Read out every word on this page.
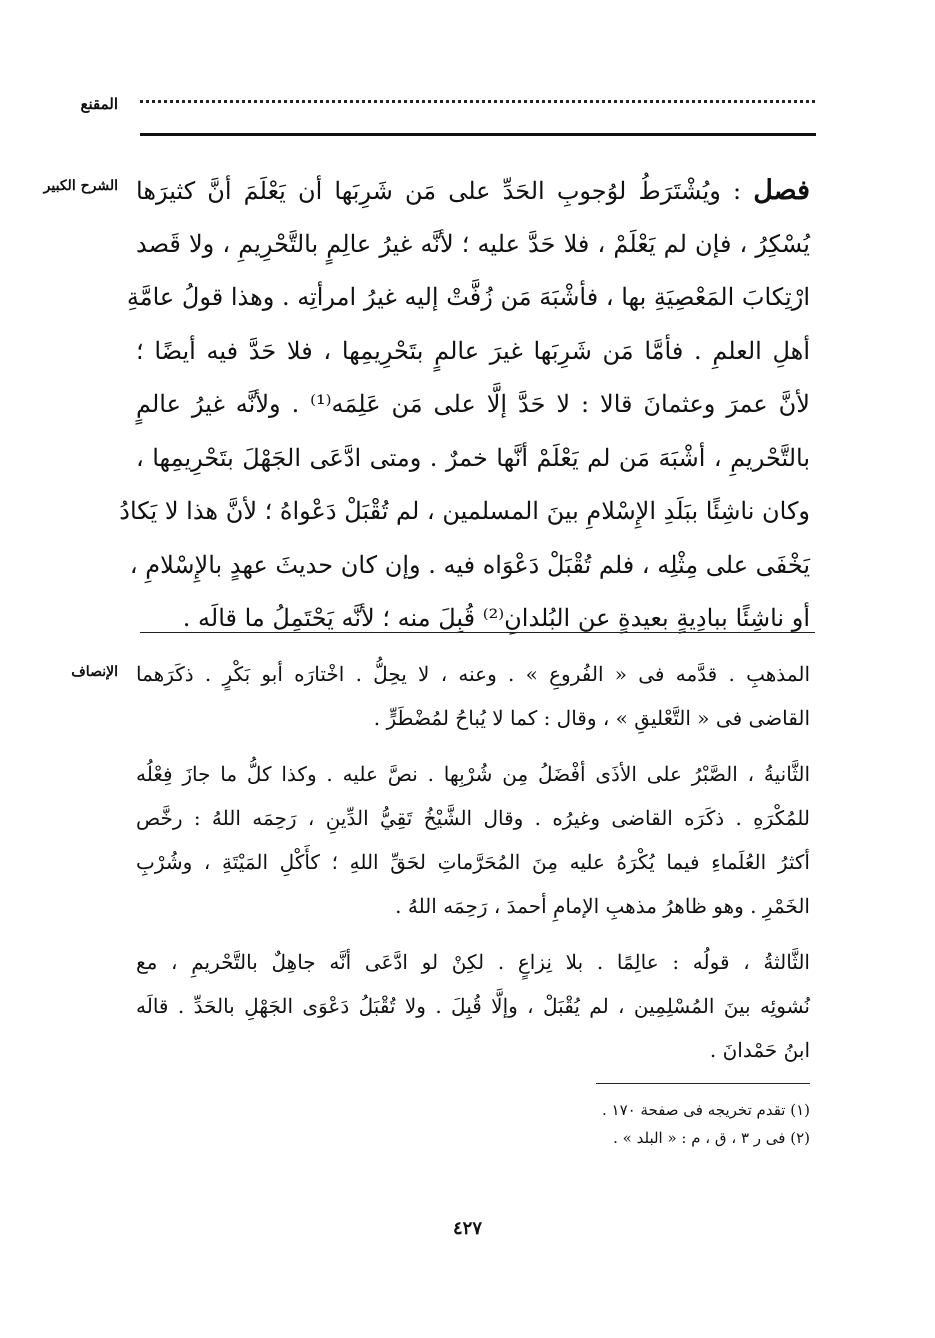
المقنع
الشرح الكبير	فصل : ويُشْتَرَطُ لوُجوبِ الحَدِّ على مَن شَرِبَها أن يَعْلَمَ أنَّ كثيرَها
يُسْكِرُ ، فإن لم يَعْلَمْ ، فلا حَدَّ عليه ؛ لأنَّه غيرُ عالِمٍ بالتَّحْرِيمِ ، ولا قَصد
ارْتِكابَ المَعْصِيَةِ بها ، فأشْبَهَ مَن زُفَّتْ إليه غيرُ امرأتِه . وهذا قولُ عامَّةِ
أهلِ العلمِ . فأمَّا مَن شَرِبَها غيرَ عالمٍ بتَحْرِيمِها ، فلا حَدَّ فيه أيضًا ؛
لأنَّ عمرَ وعثمانَ قالا : لا حَدَّ إلَّا على مَن عَلِمَه⁽¹⁾ . ولأنَّه غيرُ عالمٍ
بالتَّحْريمِ ، أشْبَهَ مَن لم يَعْلَمْ أنَّها خمرٌ . ومتى ادَّعَى الجَهْلَ بتَحْرِيمِها ،
وكان ناشِئًا ببَلَدِ الإِسْلامِ بينَ المسلمين ، لم تُقْبَلْ دَعْواهُ ؛ لأنَّ هذا لا يَكادُ
يَخْفَى على مِثْلِه ، فلم تُقْبَلْ دَعْوَاه فيه . وإن كان حديثَ عهدٍ بالإِسْلامِ ،
أو ناشِئًا ببادِيةٍ بعيدةٍ عن البُلدانِ⁽²⁾ قُبِلَ منه ؛ لأنَّه يَحْتَمِلُ ما قالَه .
الإنصاف المذهبِ . قدَّمه فى « الفُروعِ » . وعنه ، لا يحِلُّ . اخْتارَه أبو بَكْرٍ . ذكَرَهما
القاضى فى « التَّعْليقِ » ، وقال : كما لا يُباحُ لمُضْطَرٍّ .
الثَّانيةُ ، الصَّبْرُ على الأذَى أفْضَلُ مِن شُرْبِها . نصَّ عليه . وكذا كلُّ ما جازَ فِعْلُه
للمُكْرَهِ . ذكَرَه القاضى وغيرُه . وقال الشَّيْخُ تَقِيُّ الدِّينِ ، رَحِمَه اللهُ : رخَّص
أكثرُ العُلَماءِ فيما يُكْرَهُ عليه مِنَ المُحَرَّماتِ لحَقِّ اللهِ ؛ كأَكْلِ المَيْتَةِ ، وشُرْبِ
الخَمْرِ . وهو ظاهرُ مذهبِ الإمامِ أحمدَ ، رَحِمَه اللهُ .
الثَّالثةُ ، قولُه : عالِمًا . بلا نِزاعٍ . لكِنْ لو ادَّعَى أنَّه جاهِلٌ بالتَّحْريمِ ، مع
نُشوئِه بينَ المُسْلِمِين ، لم يُقْبَلْ ، وإلَّا قُبِلَ . ولا تُقْبَلُ دَعْوَى الجَهْلِ بالحَدِّ . قالَه
ابنُ حَمْدانَ .
(١) تقدم تخريجه فى صفحة ١٧٠ .
(٢) فى ر ٣ ، ق ، م : « البلد » .
٤٢٧
